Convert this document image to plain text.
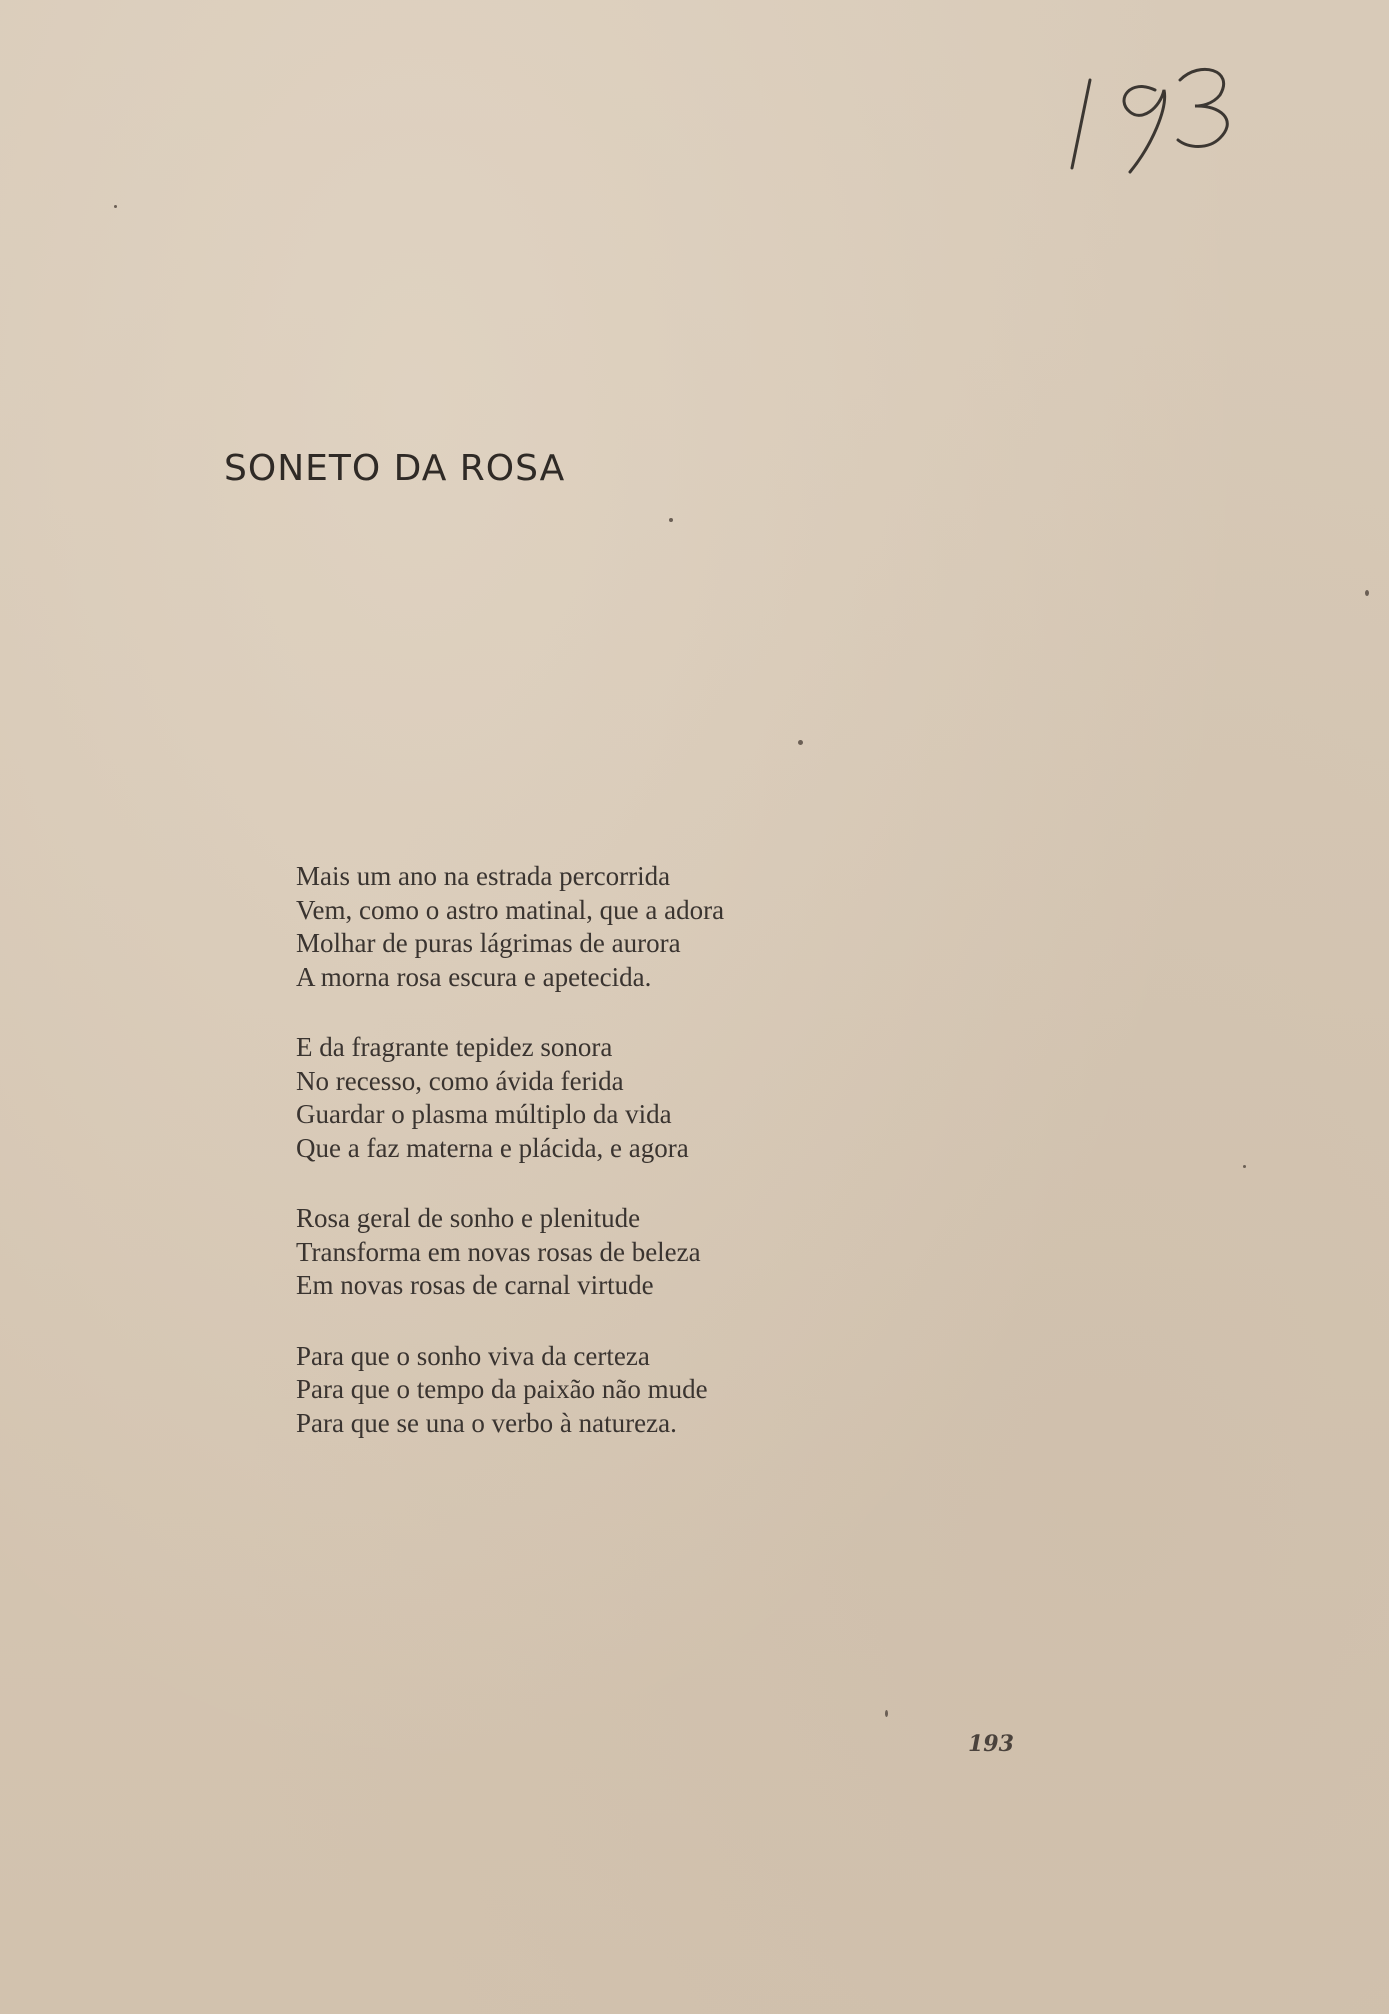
SONETO DA ROSA
Mais um ano na estrada percorrida
Vem, como o astro matinal, que a adora
Molhar de puras lágrimas de aurora
A morna rosa escura e apetecida.
E da fragrante tepidez sonora
No recesso, como ávida ferida
Guardar o plasma múltiplo da vida
Que a faz materna e plácida, e agora
Rosa geral de sonho e plenitude
Transforma em novas rosas de beleza
Em novas rosas de carnal virtude
Para que o sonho viva da certeza
Para que o tempo da paixão não mude
Para que se una o verbo à natureza.
193
